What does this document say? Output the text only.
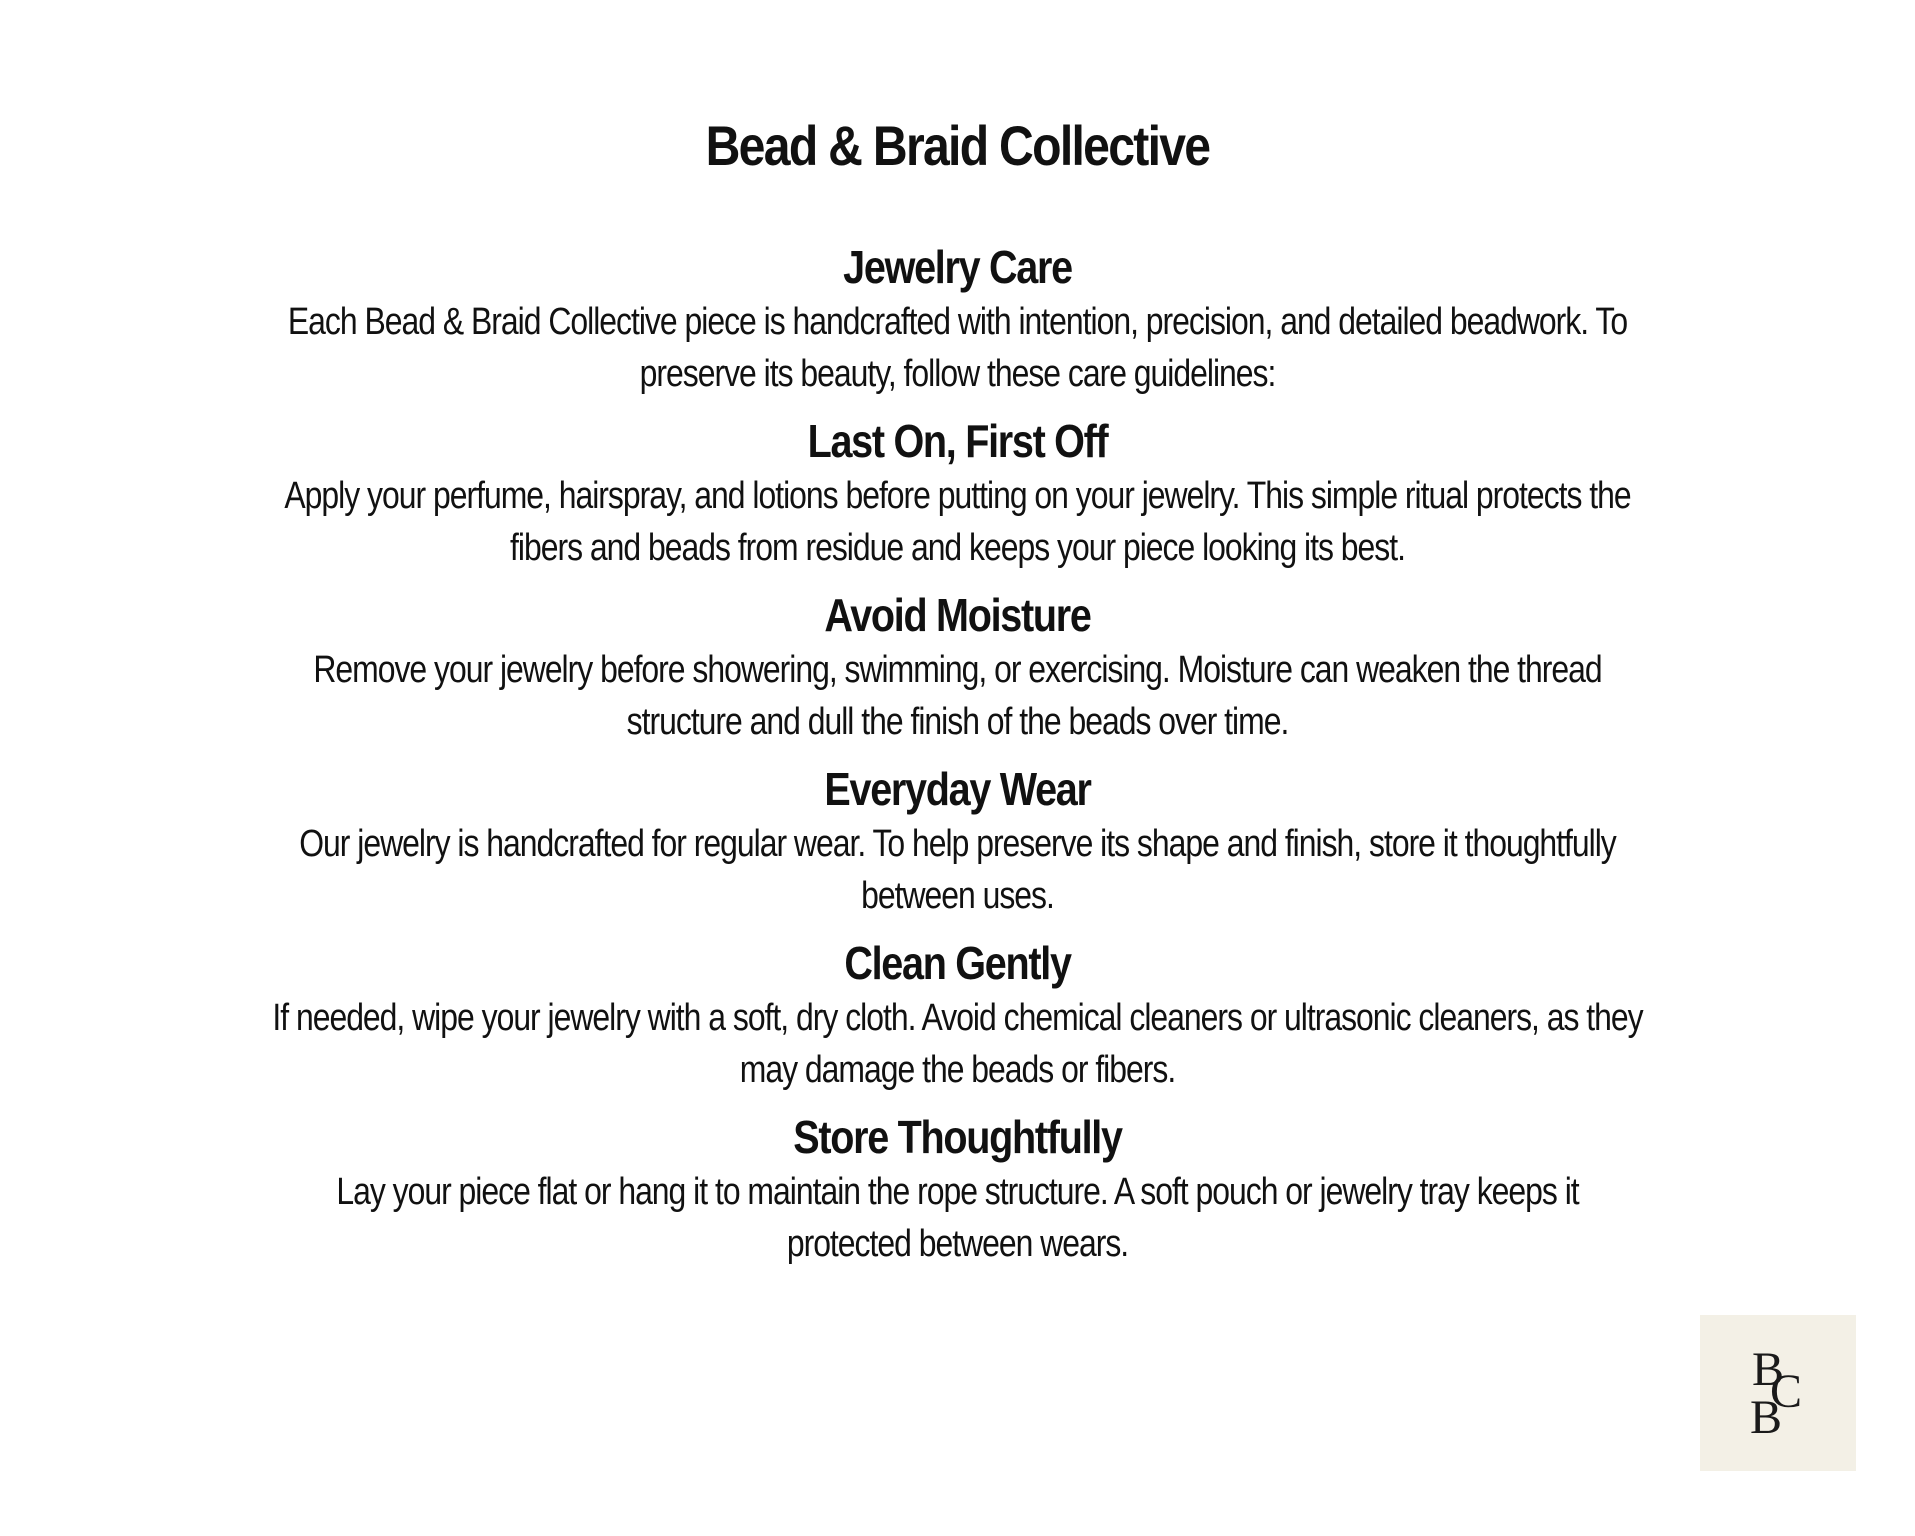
Bead & Braid Collective
Jewelry Care

Each Bead & Braid Collective piece is handcrafted with intention, precision, and detailed beadwork. To preserve its beauty, follow these care guidelines:

Last On, First Off

Apply your perfume, hairspray, and lotions before putting on your jewelry. This simple ritual protects the fibers and beads from residue and keeps your piece looking its best.

Avoid Moisture

Remove your jewelry before showering, swimming, or exercising. Moisture can weaken the thread structure and dull the finish of the beads over time.

Everyday Wear

Our jewelry is handcrafted for regular wear. To help preserve its shape and finish, store it thoughtfully between uses.

Clean Gently

If needed, wipe your jewelry with a soft, dry cloth. Avoid chemical cleaners or ultrasonic cleaners, as they may damage the beads or fibers.

Store Thoughtfully

Lay your piece flat or hang it to maintain the rope structure. A soft pouch or jewelry tray keeps it protected between wears.

B
C
B
